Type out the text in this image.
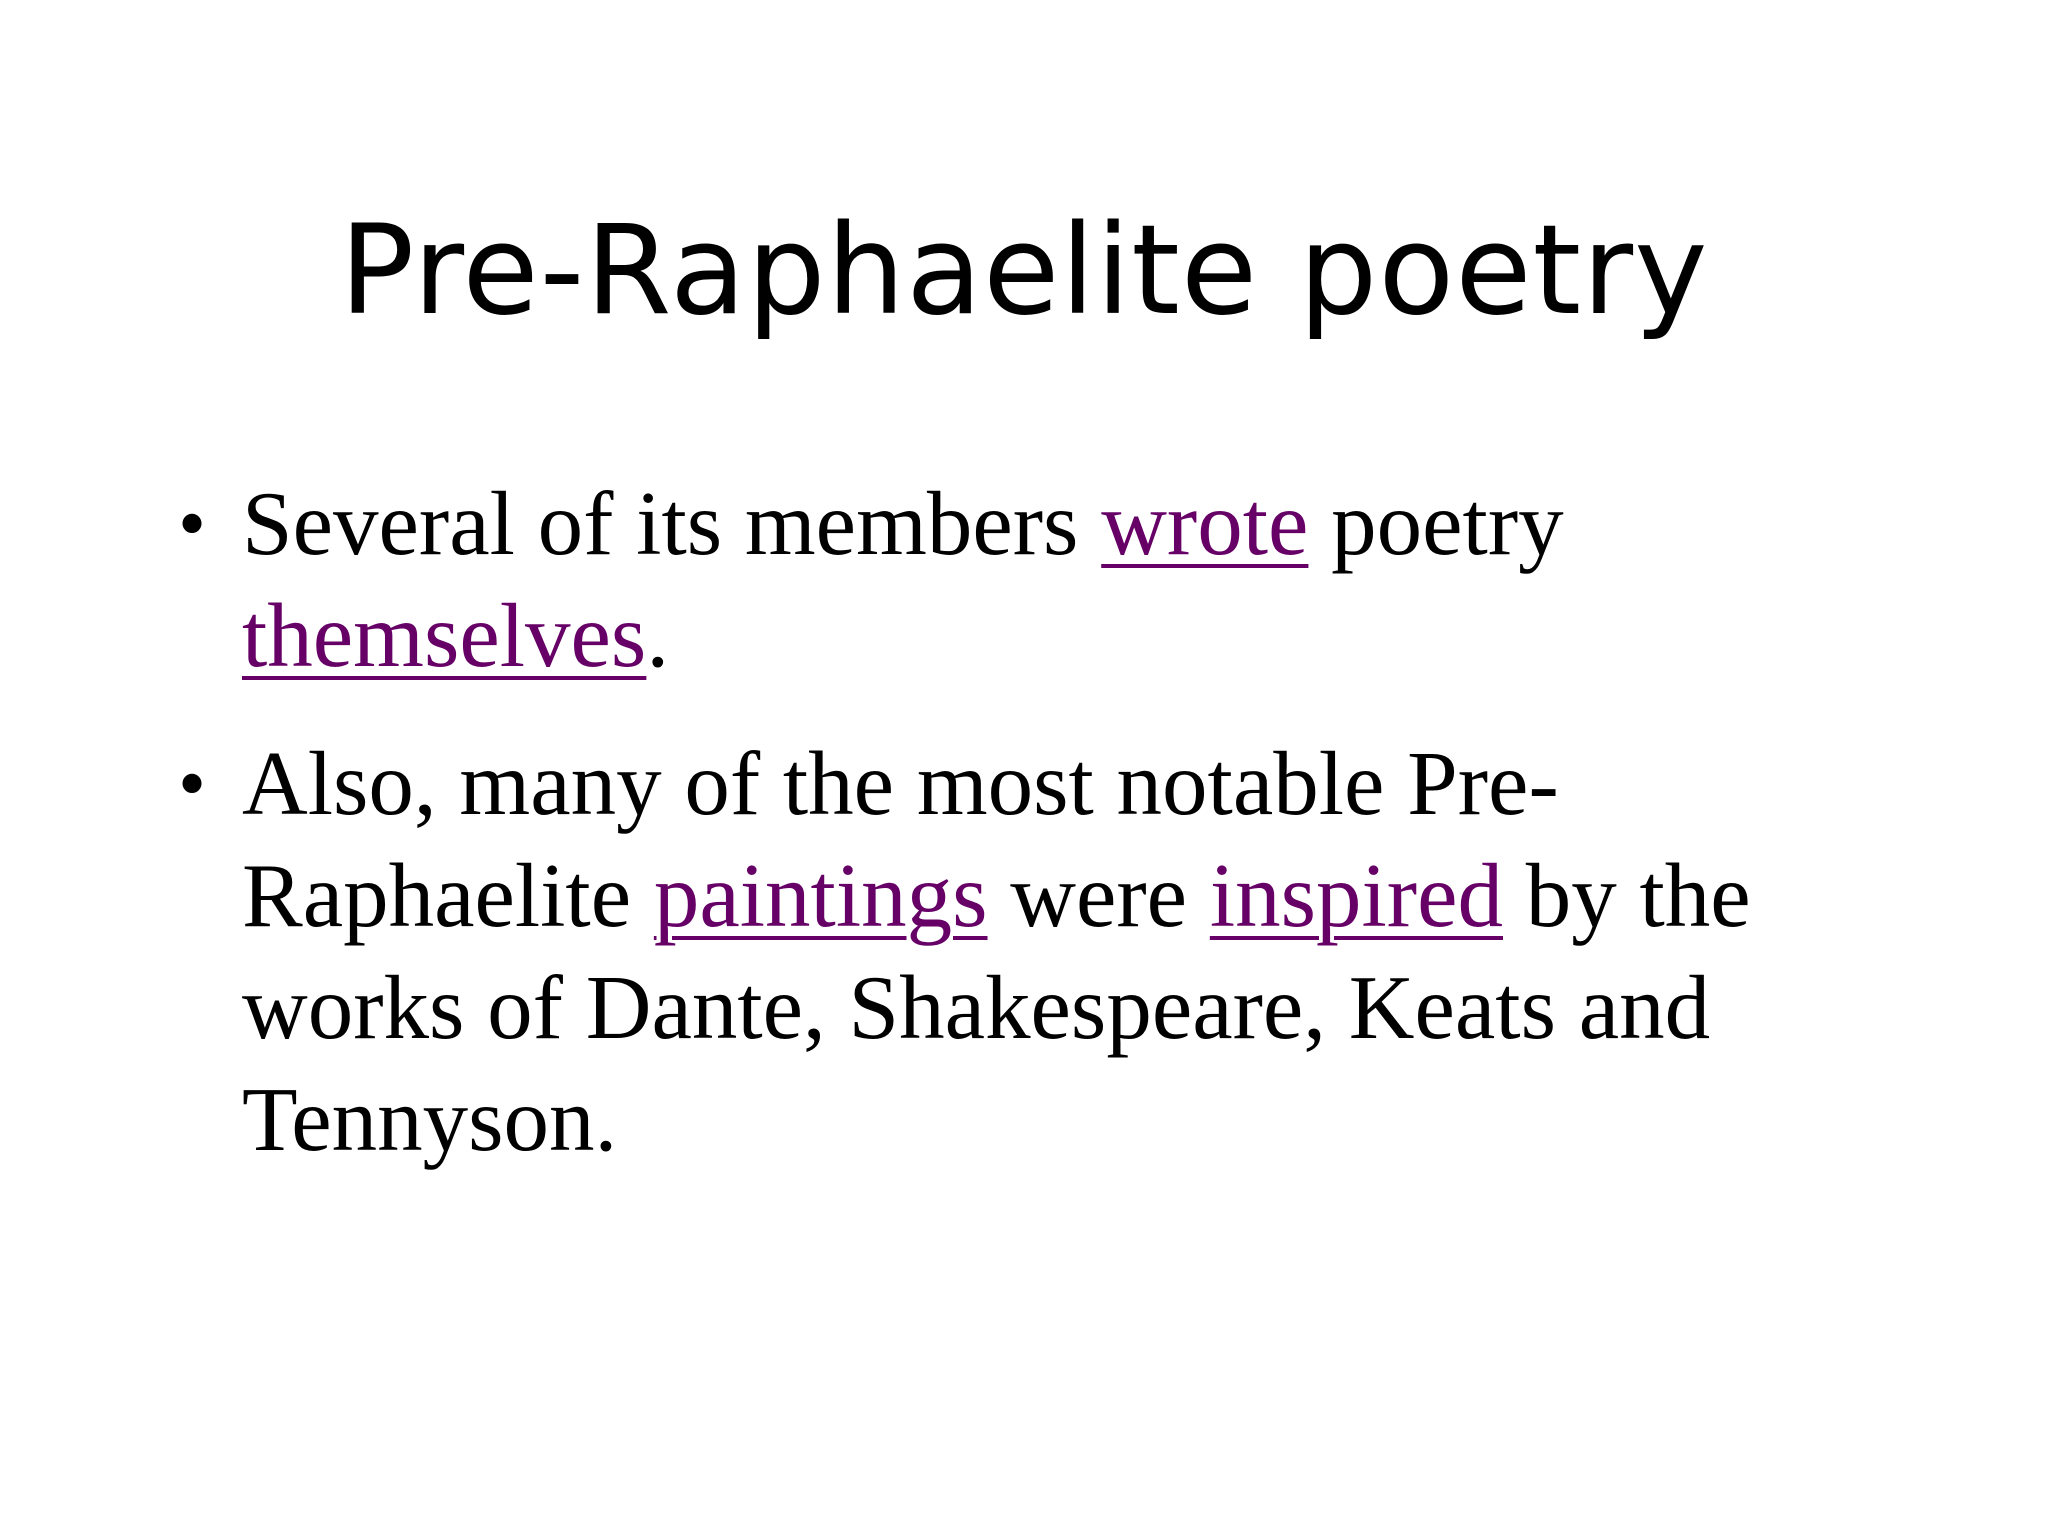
Pre-Raphaelite poetry
• Several of its members wrote poetry themselves.
• Also, many of the most notable Pre-Raphaelite paintings were inspired by the works of Dante, Shakespeare, Keats and Tennyson.
